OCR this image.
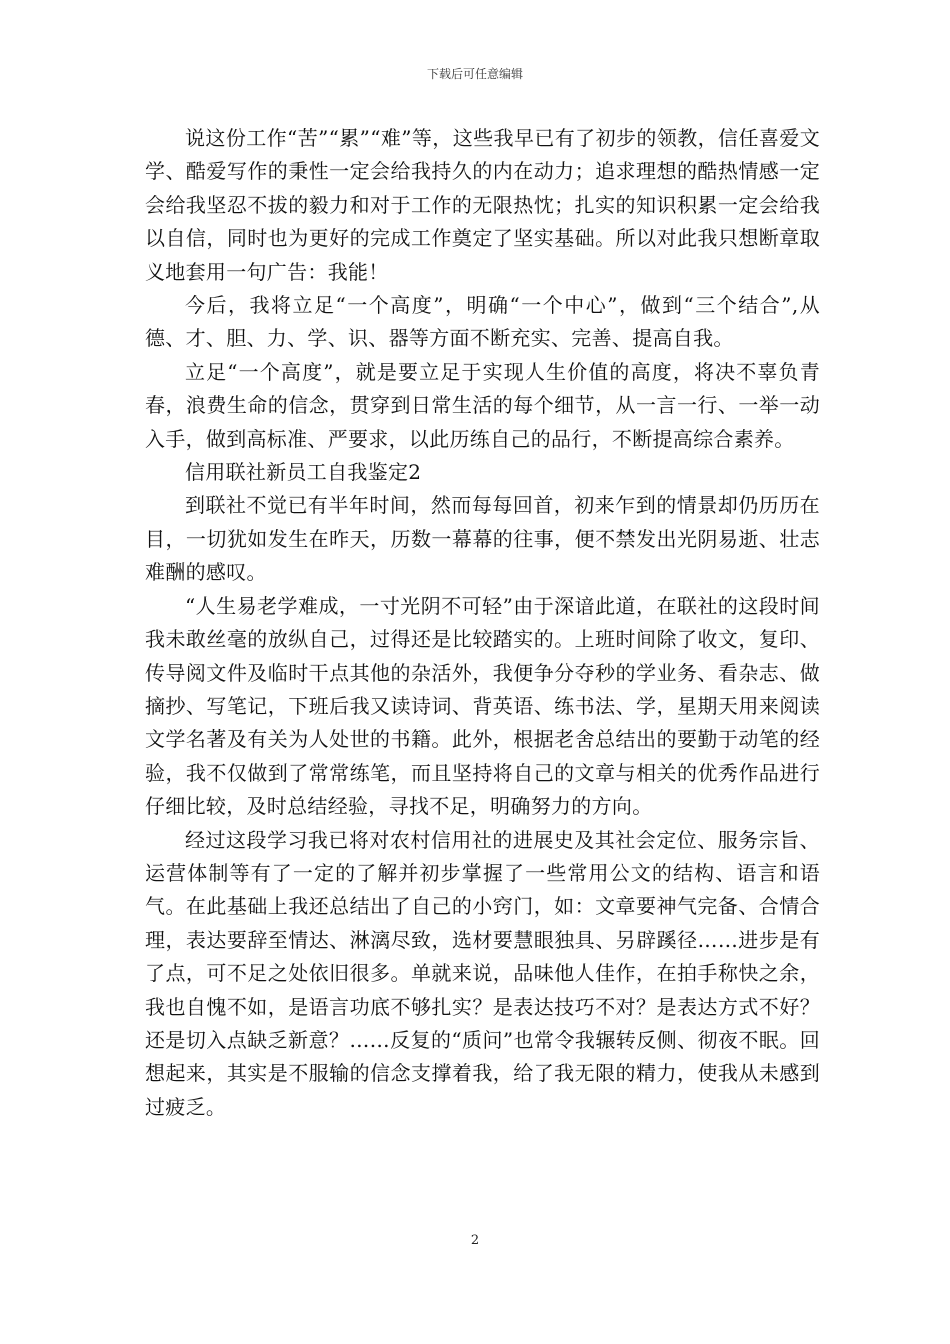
下载后可任意编辑

说这份工作“苦”“累”“难”等，这些我早已有了初步的领教，信任喜爱文学、酷爱写作的秉性一定会给我持久的内在动力；追求理想的酷热情感一定会给我坚忍不拔的毅力和对于工作的无限热忱；扎实的知识积累一定会给我以自信，同时也为更好的完成工作奠定了坚实基础。所以对此我只想断章取义地套用一句广告：我能！

今后，我将立足“一个高度”，明确“一个中心”，做到“三个结合”,从德、才、胆、力、学、识、器等方面不断充实、完善、提高自我。

立足“一个高度”，就是要立足于实现人生价值的高度，将决不辜负青春，浪费生命的信念，贯穿到日常生活的每个细节，从一言一行、一举一动入手，做到高标准、严要求，以此历练自己的品行，不断提高综合素养。

信用联社新员工自我鉴定2

到联社不觉已有半年时间，然而每每回首，初来乍到的情景却仍历历在目，一切犹如发生在昨天，历数一幕幕的往事，便不禁发出光阴易逝、壮志难酬的感叹。

“人生易老学难成，一寸光阴不可轻”由于深谙此道，在联社的这段时间我未敢丝毫的放纵自己，过得还是比较踏实的。上班时间除了收文，复印、传导阅文件及临时干点其他的杂活外，我便争分夺秒的学业务、看杂志、做摘抄、写笔记，下班后我又读诗词、背英语、练书法、学，星期天用来阅读文学名著及有关为人处世的书籍。此外，根据老舍总结出的要勤于动笔的经验，我不仅做到了常常练笔，而且坚持将自己的文章与相关的优秀作品进行仔细比较，及时总结经验，寻找不足，明确努力的方向。

经过这段学习我已将对农村信用社的进展史及其社会定位、服务宗旨、运营体制等有了一定的了解并初步掌握了一些常用公文的结构、语言和语气。在此基础上我还总结出了自己的小窍门，如：文章要神气完备、合情合理，表达要辞至情达、淋漓尽致，选材要慧眼独具、另辟蹊径……进步是有了点，可不足之处依旧很多。单就来说，品味他人佳作，在拍手称快之余，我也自愧不如，是语言功底不够扎实？是表达技巧不对？是表达方式不好？还是切入点缺乏新意？……反复的“质问”也常令我辗转反侧、彻夜不眠。回想起来，其实是不服输的信念支撑着我，给了我无限的精力，使我从未感到过疲乏。

2
